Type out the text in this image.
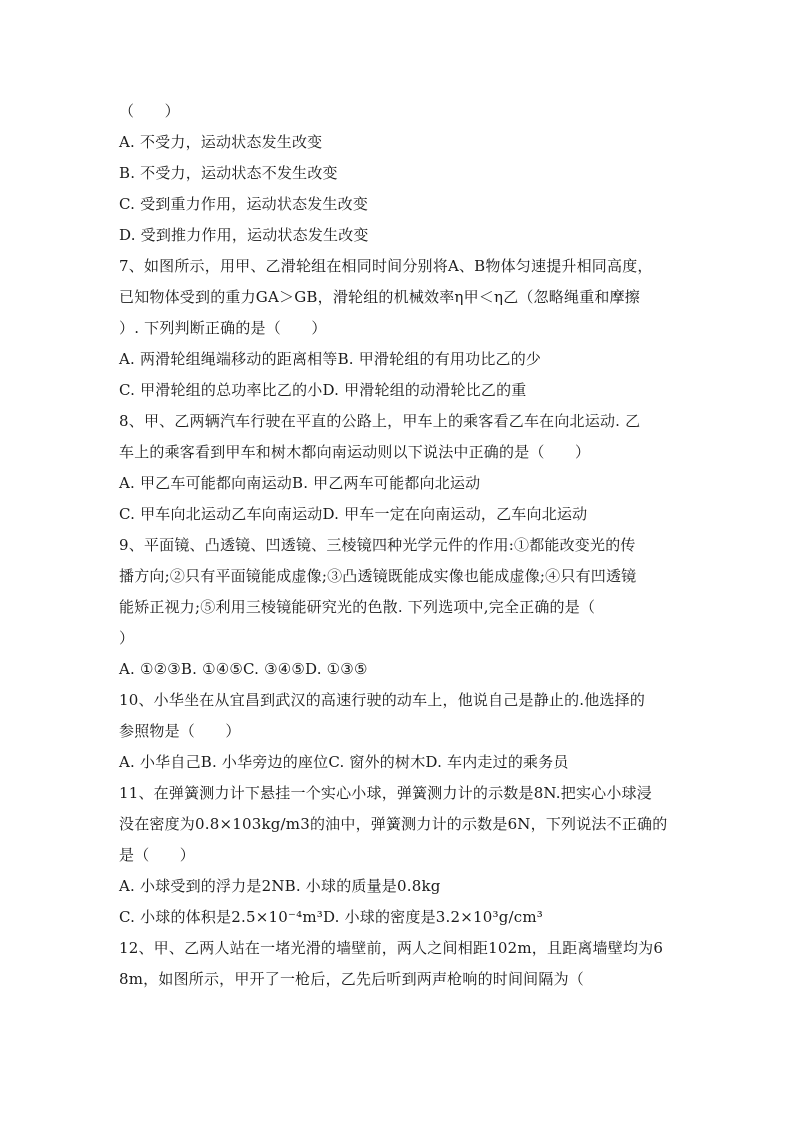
（　　）
A. 不受力，运动状态发生改变
B. 不受力，运动状态不发生改变
C. 受到重力作用，运动状态发生改变
D. 受到推力作用，运动状态发生改变
7、如图所示，用甲、乙滑轮组在相同时间分别将A、B物体匀速提升相同高度，
已知物体受到的重力GA＞GB，滑轮组的机械效率η甲＜η乙（忽略绳重和摩擦
）. 下列判断正确的是（　　）
A. 两滑轮组绳端移动的距离相等B. 甲滑轮组的有用功比乙的少
C. 甲滑轮组的总功率比乙的小D. 甲滑轮组的动滑轮比乙的重
8、甲、乙两辆汽车行驶在平直的公路上，甲车上的乘客看乙车在向北运动. 乙
车上的乘客看到甲车和树木都向南运动则以下说法中正确的是（　　）
A. 甲乙车可能都向南运动B. 甲乙两车可能都向北运动
C. 甲车向北运动乙车向南运动D. 甲车一定在向南运动，乙车向北运动
9、平面镜、凸透镜、凹透镜、三棱镜四种光学元件的作用:①都能改变光的传
播方向;②只有平面镜能成虚像;③凸透镜既能成实像也能成虚像;④只有凹透镜
能矫正视力;⑤利用三棱镜能研究光的色散. 下列选项中,完全正确的是（
）
A. ①②③B. ①④⑤C. ③④⑤D. ①③⑤
10、小华坐在从宜昌到武汉的高速行驶的动车上，他说自己是静止的.他选择的
参照物是（　　）
A. 小华自己B. 小华旁边的座位C. 窗外的树木D. 车内走过的乘务员
11、在弹簧测力计下悬挂一个实心小球，弹簧测力计的示数是8N.把实心小球浸
没在密度为0.8×103kg/m3的油中，弹簧测力计的示数是6N，下列说法不正确的
是（　　）
A. 小球受到的浮力是2NB. 小球的质量是0.8kg
C. 小球的体积是2.5×10⁻⁴m³D. 小球的密度是3.2×10³g/cm³
12、甲、乙两人站在一堵光滑的墙壁前，两人之间相距102m，且距离墙壁均为6
8m，如图所示，甲开了一枪后，乙先后听到两声枪响的时间间隔为（
